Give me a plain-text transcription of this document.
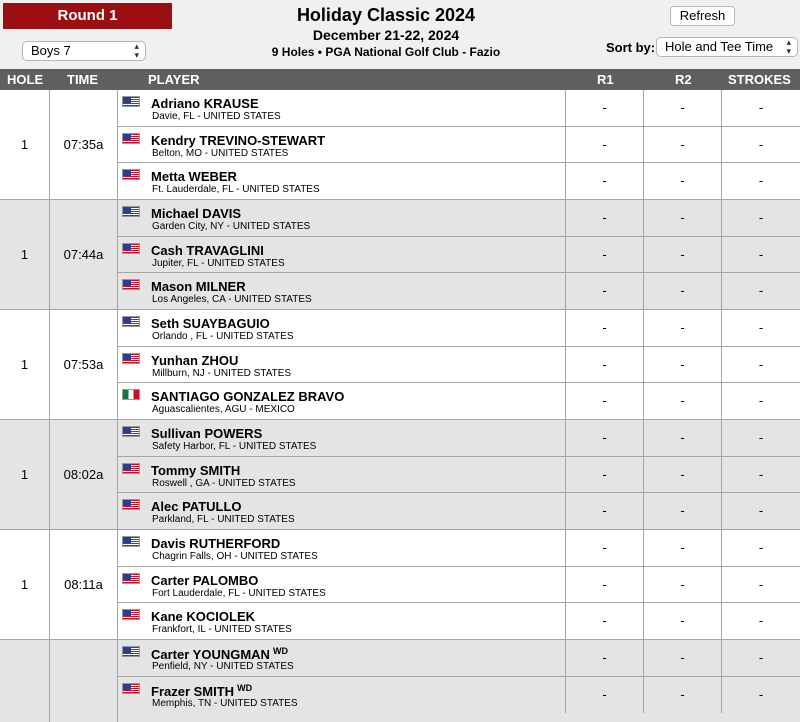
Round 1
Boys 7	▴
▾
Holiday Classic 2024
December 21-22, 2024
9 Holes • PGA National Golf Club - Fazio
Refresh
Sort by: Hole and Tee Time ▴
▾
HOLE TIME	PLAYER	R1	R2	STROKES
1	07:35a
Adriano KRAUSE
Davie, FL - UNITED STATES
-	-	-
Kendry TREVINO-STEWART
Belton, MO - UNITED STATES
-	-	-
Metta WEBER
Ft. Lauderdale, FL - UNITED STATES
-	-	-
1	07:44a
Michael DAVIS
Garden City, NY - UNITED STATES
-	-	-
Cash TRAVAGLINI
Jupiter, FL - UNITED STATES
-	-	-
Mason MILNER
Los Angeles, CA - UNITED STATES
-	-	-
1	07:53a
Seth SUAYBAGUIO
Orlando , FL - UNITED STATES
-	-	-
Yunhan ZHOU
Millburn, NJ - UNITED STATES
-	-	-
SANTIAGO GONZALEZ BRAVO
Aguascalientes, AGU - MEXICO
-	-	-
1	08:02a
Sullivan POWERS
Safety Harbor, FL - UNITED STATES
-	-	-
Tommy SMITH
Roswell , GA - UNITED STATES
-	-	-
Alec PATULLO
Parkland, FL - UNITED STATES
-	-	-
1	08:11a
Davis RUTHERFORD
Chagrin Falls, OH - UNITED STATES
-	-	-
Carter PALOMBO
Fort Lauderdale, FL - UNITED STATES
-	-	-
Kane KOCIOLEK
Frankfort, IL - UNITED STATES
-	-	-
Carter YOUNGMAN $^{WD}$
Penfield, NY - UNITED STATES
-	-	-
Frazer SMITH $^{WD}$
Memphis, TN - UNITED STATES
-	-	-
